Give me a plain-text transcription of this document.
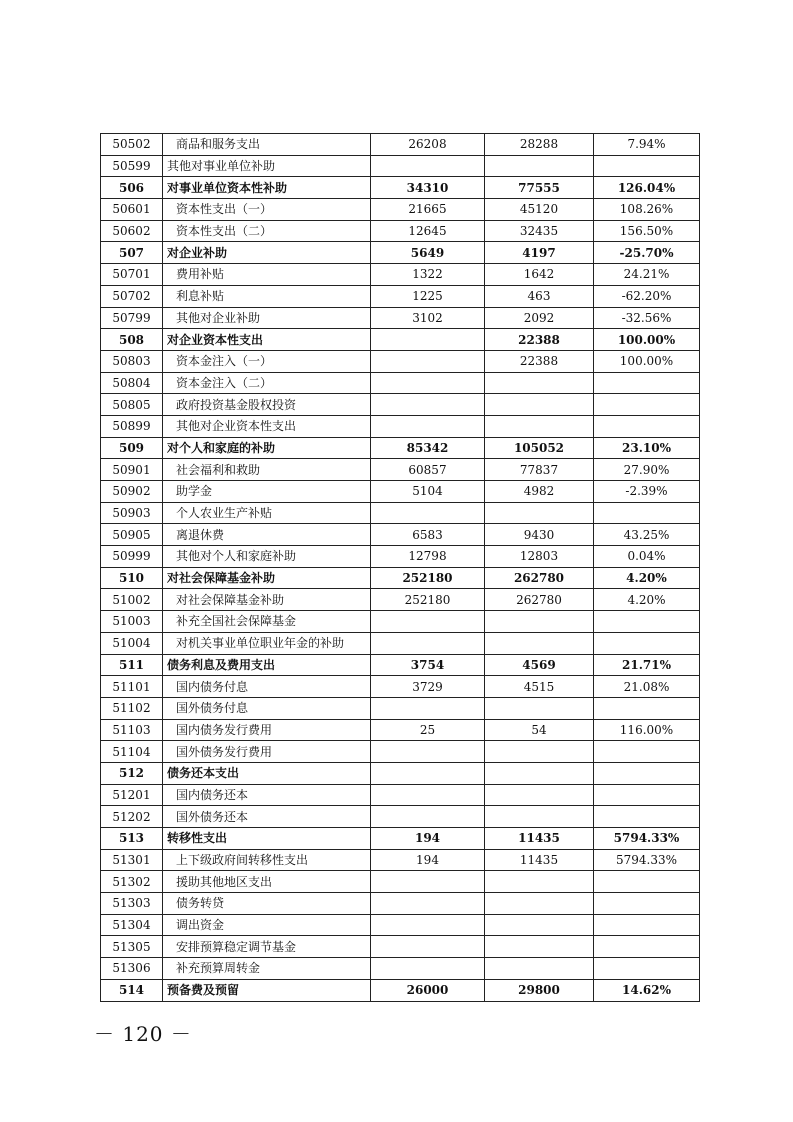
50502	商品和服务支出	26208	28288	7.94%
50599	其他对事业单位补助			
506	对事业单位资本性补助	34310	77555	126.04%
50601	资本性支出（一）	21665	45120	108.26%
50602	资本性支出（二）	12645	32435	156.50%
507	对企业补助	5649	4197	-25.70%
50701	费用补贴	1322	1642	24.21%
50702	利息补贴	1225	463	-62.20%
50799	其他对企业补助	3102	2092	-32.56%
508	对企业资本性支出		22388	100.00%
50803	资本金注入（一）		22388	100.00%
50804	资本金注入（二）			
50805	政府投资基金股权投资			
50899	其他对企业资本性支出			
509	对个人和家庭的补助	85342	105052	23.10%
50901	社会福利和救助	60857	77837	27.90%
50902	助学金	5104	4982	-2.39%
50903	个人农业生产补贴			
50905	离退休费	6583	9430	43.25%
50999	其他对个人和家庭补助	12798	12803	0.04%
510	对社会保障基金补助	252180	262780	4.20%
51002	对社会保障基金补助	252180	262780	4.20%
51003	补充全国社会保障基金			
51004	对机关事业单位职业年金的补助			
511	债务利息及费用支出	3754	4569	21.71%
51101	国内债务付息	3729	4515	21.08%
51102	国外债务付息			
51103	国内债务发行费用	25	54	116.00%
51104	国外债务发行费用			
512	债务还本支出			
51201	国内债务还本			
51202	国外债务还本			
513	转移性支出	194	11435	5794.33%
51301	上下级政府间转移性支出	194	11435	5794.33%
51302	援助其他地区支出			
51303	债务转贷			
51304	调出资金			
51305	安排预算稳定调节基金			
51306	补充预算周转金			
514	预备费及预留	26000	29800	14.62%
－ 120 －
